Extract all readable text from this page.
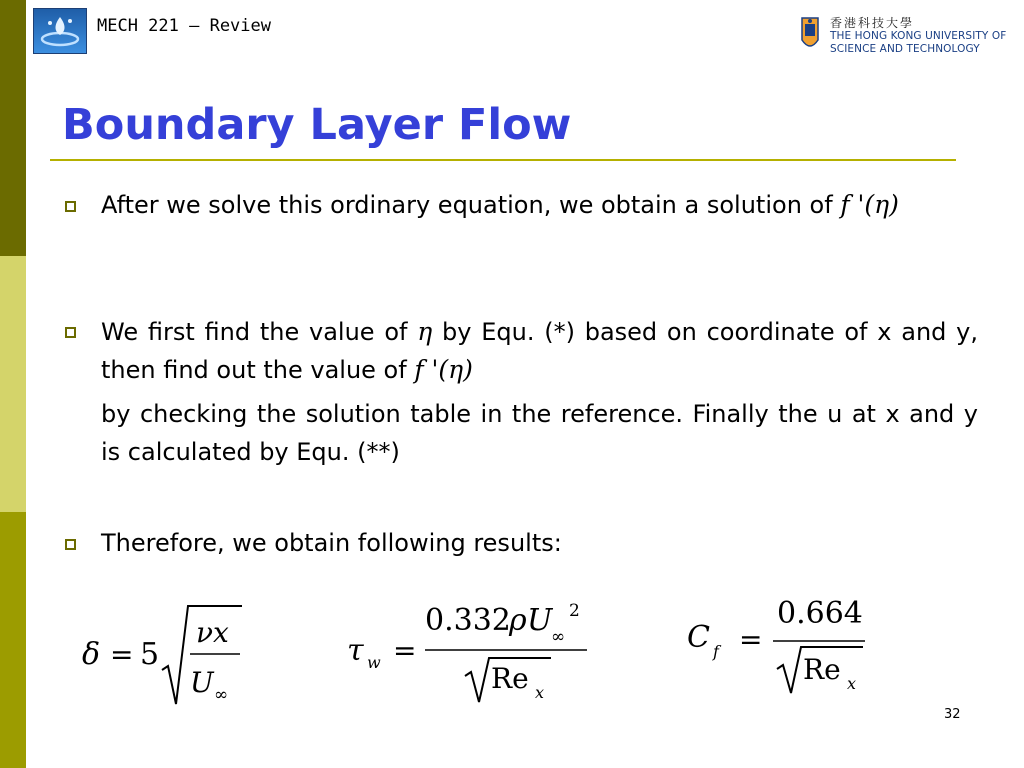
MECH 221 – Review	香港科技大學
THE HONG KONG UNIVERSITY OF
SCIENCE AND TECHNOLOGY
Boundary Layer Flow
After we solve this ordinary equation, we obtain a solution of f '(η)
We first find the value of η by Equ. (*) based on coordinate of x and y, then find out the value of f '(η)
by checking the solution table in the reference. Finally the u at x and y is calculated by Equ. (**)
Therefore, we obtain following results:
δ = 5
νx
U ∞
τ w =
0.332
ρ U 2
∞
Re x
C f =
0.664
Re x
32
